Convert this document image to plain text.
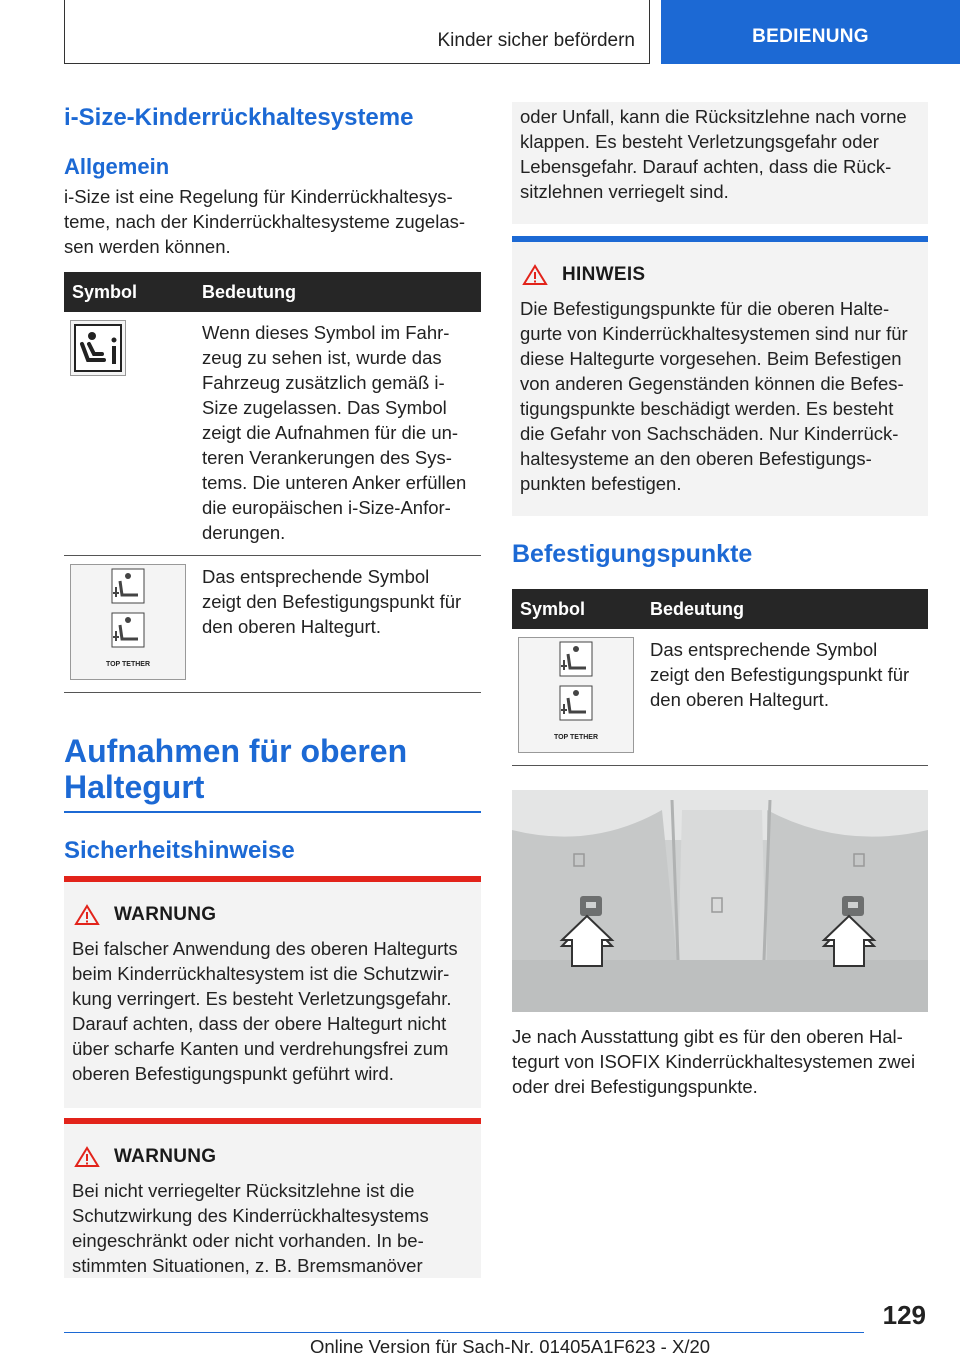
Kinder sicher befördern	BEDIENUNG
i-Size-Kinderrückhaltesysteme
Allgemein
i-Size ist eine Regelung für Kinderrückhaltesys-teme, nach der Kinderrückhaltesysteme zugelas-sen werden können.
Symbol	Bedeutung

	Wenn dieses Symbol im Fahr-zeug zu sehen ist, wurde das Fahrzeug zusätzlich gemäß i-Size zugelassen. Das Symbol zeigt die Aufnahmen für die un-teren Verankerungen des Sys-tems. Die unteren Anker erfüllen die europäischen i-Size-Anfor-derungen.

TOP TETHER	Das entsprechende Symbol zeigt den Befestigungspunkt für den oberen Haltegurt.
Aufnahmen für oberen Haltegurt
Sicherheitshinweise
WARNUNG
Bei falscher Anwendung des oberen Haltegurts beim Kinderrückhaltesystem ist die Schutzwir-kung verringert. Es besteht Verletzungsgefahr. Darauf achten, dass der obere Haltegurt nicht über scharfe Kanten und verdrehungsfrei zum oberen Befestigungspunkt geführt wird.
WARNUNG
Bei nicht verriegelter Rücksitzlehne ist die Schutzwirkung des Kinderrückhaltesystems eingeschränkt oder nicht vorhanden. In be-stimmten Situationen, z. B. Bremsmanöver
oder Unfall, kann die Rücksitzlehne nach vorne klappen. Es besteht Verletzungsgefahr oder Lebensgefahr. Darauf achten, dass die Rück-sitzlehnen verriegelt sind.
HINWEIS
Die Befestigungspunkte für die oberen Halte-gurte von Kinderrückhaltesystemen sind nur für diese Haltegurte vorgesehen. Beim Befestigen von anderen Gegenständen können die Befes-tigungspunkte beschädigt werden. Es besteht die Gefahr von Sachschäden. Nur Kinderrück-haltesysteme an den oberen Befestigungs-punkten befestigen.
Befestigungspunkte
Symbol	Bedeutung

TOP TETHER	Das entsprechende Symbol zeigt den Befestigungspunkt für den oberen Haltegurt.
Je nach Ausstattung gibt es für den oberen Hal-tegurt von ISOFIX Kinderrückhaltesystemen zwei oder drei Befestigungspunkte.
129
Online Version für Sach-Nr. 01405A1F623 - X/20
